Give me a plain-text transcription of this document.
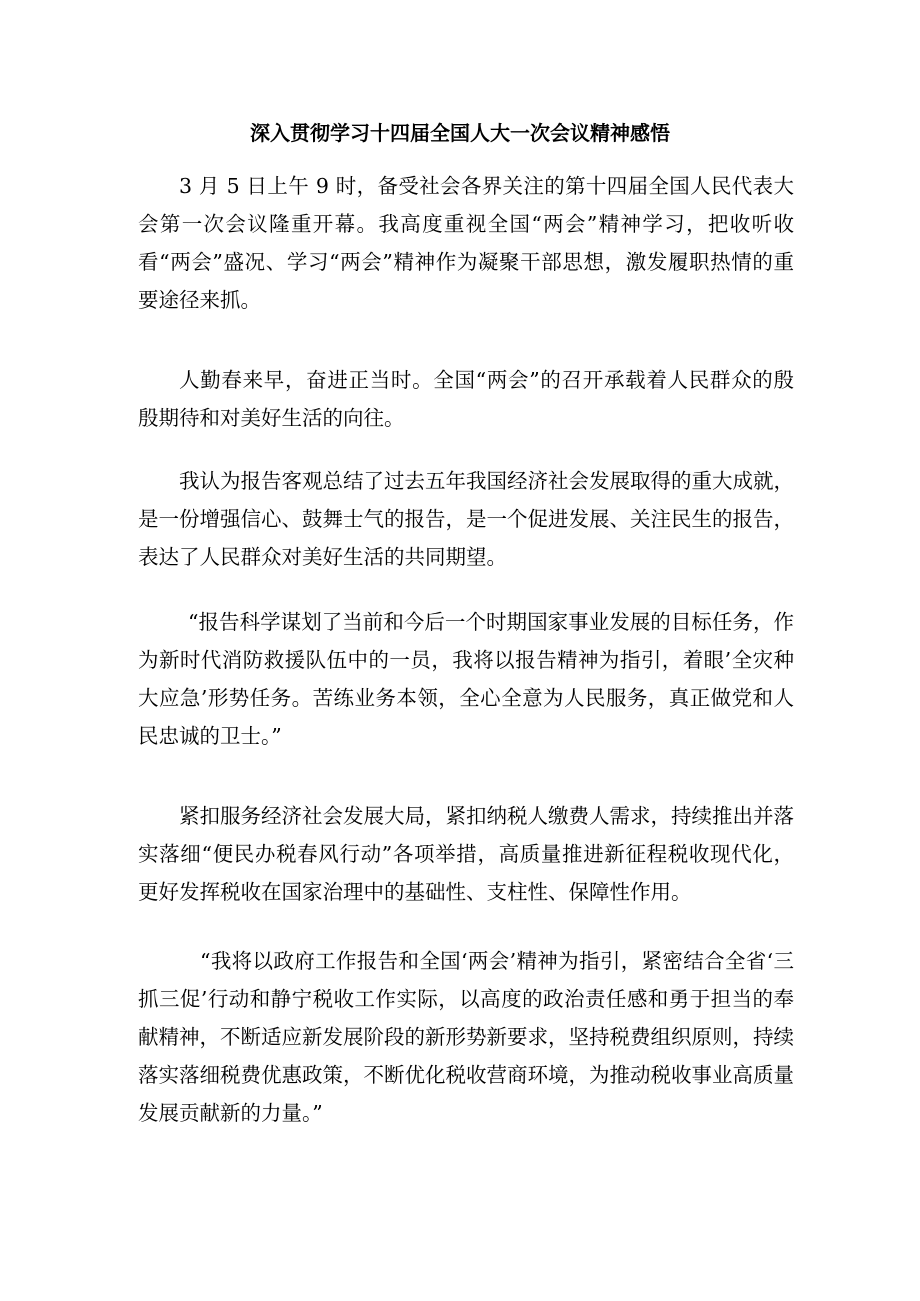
深入贯彻学习十四届全国人大一次会议精神感悟

3 月 5 日上午 9 时，备受社会各界关注的第十四届全国人民代表大会第一次会议隆重开幕。我高度重视全国“两会”精神学习，把收听收看“两会”盛况、学习“两会”精神作为凝聚干部思想，激发履职热情的重要途径来抓。

人勤春来早，奋进正当时。全国“两会”的召开承载着人民群众的殷殷期待和对美好生活的向往。

我认为报告客观总结了过去五年我国经济社会发展取得的重大成就，是一份增强信心、鼓舞士气的报告，是一个促进发展、关注民生的报告，表达了人民群众对美好生活的共同期望。

“报告科学谋划了当前和今后一个时期国家事业发展的目标任务，作为新时代消防救援队伍中的一员，我将以报告精神为指引，着眼’全灾种大应急’形势任务。苦练业务本领，全心全意为人民服务，真正做党和人民忠诚的卫士。”

紧扣服务经济社会发展大局，紧扣纳税人缴费人需求，持续推出并落实落细“便民办税春风行动”各项举措，高质量推进新征程税收现代化，更好发挥税收在国家治理中的基础性、支柱性、保障性作用。

“我将以政府工作报告和全国‘两会’精神为指引，紧密结合全省‘三抓三促’行动和静宁税收工作实际，以高度的政治责任感和勇于担当的奉献精神，不断适应新发展阶段的新形势新要求，坚持税费组织原则，持续落实落细税费优惠政策，不断优化税收营商环境，为推动税收事业高质量发展贡献新的力量。”
